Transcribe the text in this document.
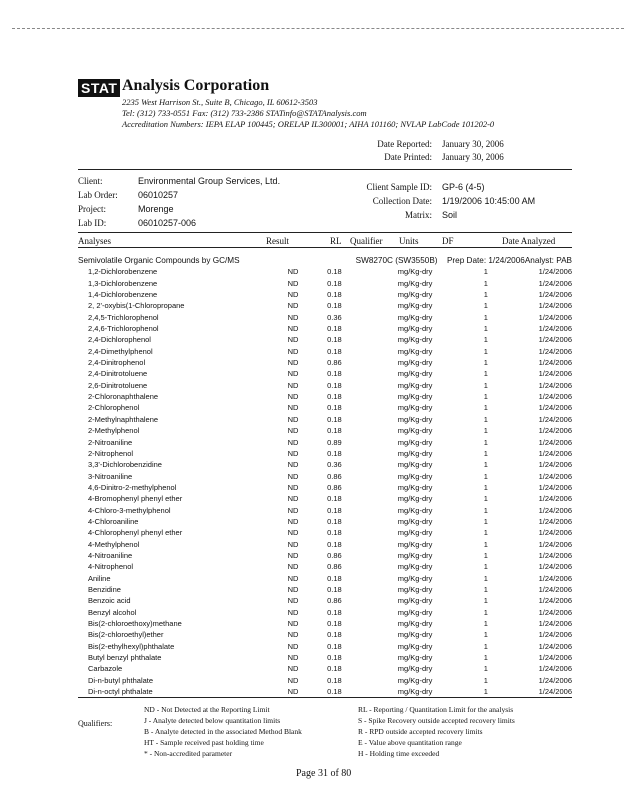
STAT Analysis Corporation
2235 West Harrison St., Suite B, Chicago, IL 60612-3503
Tel: (312) 733-0551 Fax: (312) 733-2386 STATinfo@STATAnalysis.com
Accreditation Numbers: IEPA ELAP 100445; ORELAP IL300001; AIHA 101160; NVLAP LabCode 101202-0
Date Reported: January 30, 2006
Date Printed: January 30, 2006
Client:	Environmental Group Services, Ltd.
Lab Order: 06010257
Project:	Morenge
Lab ID:	06010257-006
Client Sample ID: GP-6 (4-5)
Collection Date: 1/19/2006 10:45:00 AM
Matrix: Soil
Analyses	Result	RL Qualifier Units	DF	Date Analyzed
Semivolatile Organic Compounds by GC/MS			SW8270C (SW3550B)		Prep Date: 1/24/2006	Analyst: PAB
1,2-Dichlorobenzene	ND	0.18		mg/Kg-dry	1	1/24/2006
1,3-Dichlorobenzene	ND	0.18		mg/Kg-dry	1	1/24/2006
1,4-Dichlorobenzene	ND	0.18		mg/Kg-dry	1	1/24/2006
2, 2'-oxybis(1-Chloropropane	ND	0.18		mg/Kg-dry	1	1/24/2006
2,4,5-Trichlorophenol	ND	0.36		mg/Kg-dry	1	1/24/2006
2,4,6-Trichlorophenol	ND	0.18		mg/Kg-dry	1	1/24/2006
2,4-Dichlorophenol	ND	0.18		mg/Kg-dry	1	1/24/2006
2,4-Dimethylphenol	ND	0.18		mg/Kg-dry	1	1/24/2006
2,4-Dinitrophenol	ND	0.86		mg/Kg-dry	1	1/24/2006
2,4-Dinitrotoluene	ND	0.18		mg/Kg-dry	1	1/24/2006
2,6-Dinitrotoluene	ND	0.18		mg/Kg-dry	1	1/24/2006
2-Chloronaphthalene	ND	0.18		mg/Kg-dry	1	1/24/2006
2-Chlorophenol	ND	0.18		mg/Kg-dry	1	1/24/2006
2-Methylnaphthalene	ND	0.18		mg/Kg-dry	1	1/24/2006
2-Methylphenol	ND	0.18		mg/Kg-dry	1	1/24/2006
2-Nitroaniline	ND	0.89		mg/Kg-dry	1	1/24/2006
2-Nitrophenol	ND	0.18		mg/Kg-dry	1	1/24/2006
3,3'-Dichlorobenzidine	ND	0.36		mg/Kg-dry	1	1/24/2006
3-Nitroaniline	ND	0.86		mg/Kg-dry	1	1/24/2006
4,6-Dinitro-2-methylphenol	ND	0.86		mg/Kg-dry	1	1/24/2006
4-Bromophenyl phenyl ether	ND	0.18		mg/Kg-dry	1	1/24/2006
4-Chloro-3-methylphenol	ND	0.18		mg/Kg-dry	1	1/24/2006
4-Chloroaniline	ND	0.18		mg/Kg-dry	1	1/24/2006
4-Chlorophenyl phenyl ether	ND	0.18		mg/Kg-dry	1	1/24/2006
4-Methylphenol	ND	0.18		mg/Kg-dry	1	1/24/2006
4-Nitroaniline	ND	0.86		mg/Kg-dry	1	1/24/2006
4-Nitrophenol	ND	0.86		mg/Kg-dry	1	1/24/2006
Aniline	ND	0.18		mg/Kg-dry	1	1/24/2006
Benzidine	ND	0.18		mg/Kg-dry	1	1/24/2006
Benzoic acid	ND	0.86		mg/Kg-dry	1	1/24/2006
Benzyl alcohol	ND	0.18		mg/Kg-dry	1	1/24/2006
Bis(2-chloroethoxy)methane	ND	0.18		mg/Kg-dry	1	1/24/2006
Bis(2-chloroethyl)ether	ND	0.18		mg/Kg-dry	1	1/24/2006
Bis(2-ethylhexyl)phthalate	ND	0.18		mg/Kg-dry	1	1/24/2006
Butyl benzyl phthalate	ND	0.18		mg/Kg-dry	1	1/24/2006
Carbazole	ND	0.18		mg/Kg-dry	1	1/24/2006
Di-n-butyl phthalate	ND	0.18		mg/Kg-dry	1	1/24/2006
Di-n-octyl phthalate	ND	0.18		mg/Kg-dry	1	1/24/2006
Qualifiers:
ND - Not Detected at the Reporting Limit
J - Analyte detected below quantitation limits
B - Analyte detected in the associated Method Blank
HT - Sample received past holding time
* - Non-accredited parameter
RL - Reporting / Quantitation Limit for the analysis
S - Spike Recovery outside accepted recovery limits
R - RPD outside accepted recovery limits
E - Value above quantitation range
H - Holding time exceeded
Page 31 of 80
